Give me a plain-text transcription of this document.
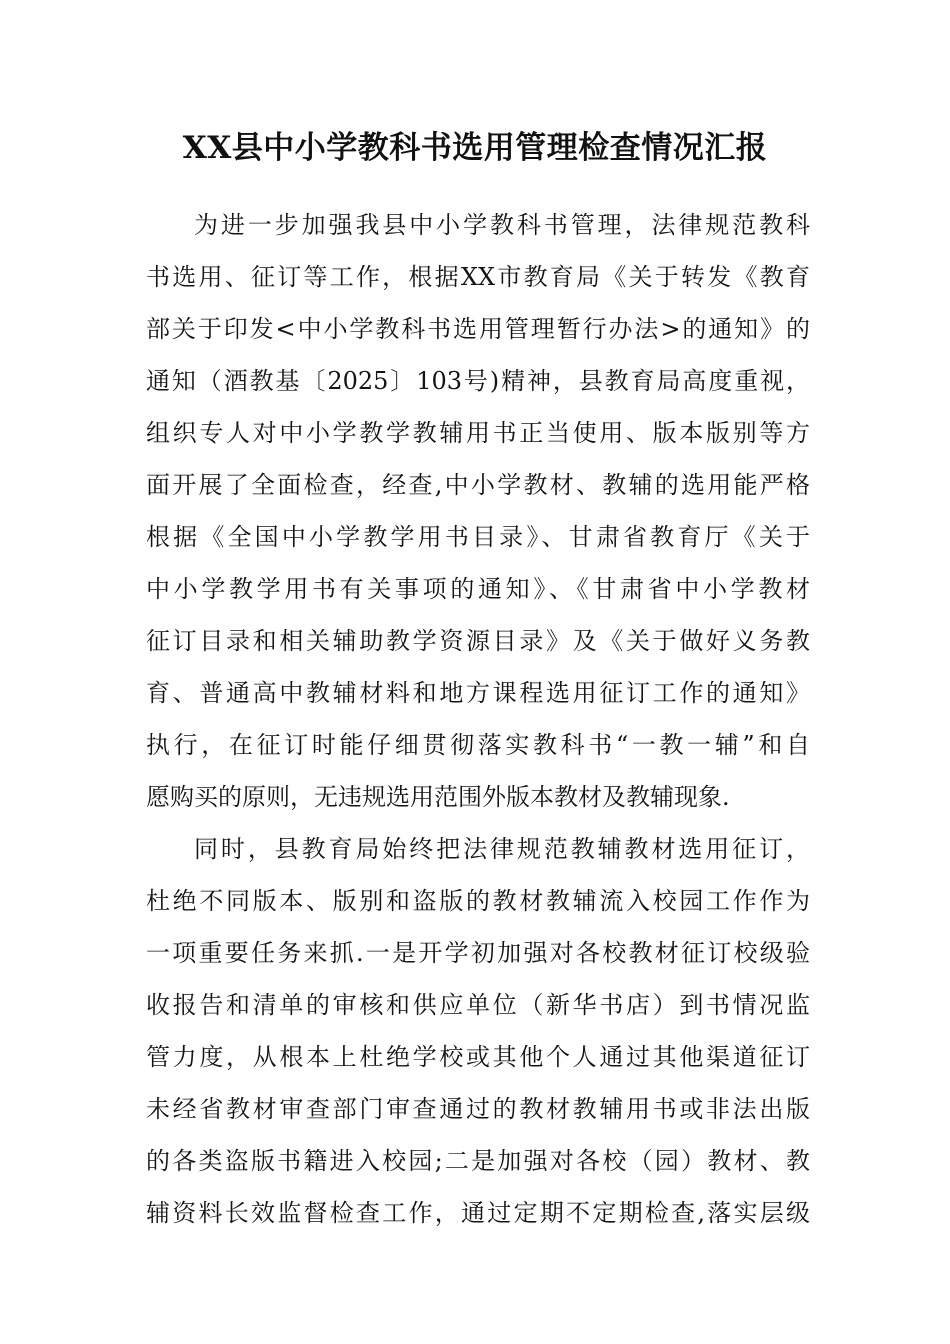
XX县中小学教科书选用管理检查情况汇报
为进一步加强我县中小学教科书管理，法律规范教科
书选用、征订等工作，根据XX市教育局《关于转发《教育
部关于印发<中小学教科书选用管理暂行办法>的通知》的
通知（酒教基〔2025〕103号)精神，县教育局高度重视，
组织专人对中小学教学教辅用书正当使用、版本版别等方
面开展了全面检查，经查,中小学教材、教辅的选用能严格
根据《全国中小学教学用书目录》、甘肃省教育厅《关于
中小学教学用书有关事项的通知》、《甘肃省中小学教材
征订目录和相关辅助教学资源目录》及《关于做好义务教
育、普通高中教辅材料和地方课程选用征订工作的通知》
执行，在征订时能仔细贯彻落实教科书“一教一辅”和自
愿购买的原则，无违规选用范围外版本教材及教辅现象.
同时，县教育局始终把法律规范教辅教材选用征订，
杜绝不同版本、版别和盗版的教材教辅流入校园工作作为
一项重要任务来抓.一是开学初加强对各校教材征订校级验
收报告和清单的审核和供应单位（新华书店）到书情况监
管力度，从根本上杜绝学校或其他个人通过其他渠道征订
未经省教材审查部门审查通过的教材教辅用书或非法出版
的各类盗版书籍进入校园;二是加强对各校（园）教材、教
辅资料长效监督检查工作，通过定期不定期检查,落实层级
